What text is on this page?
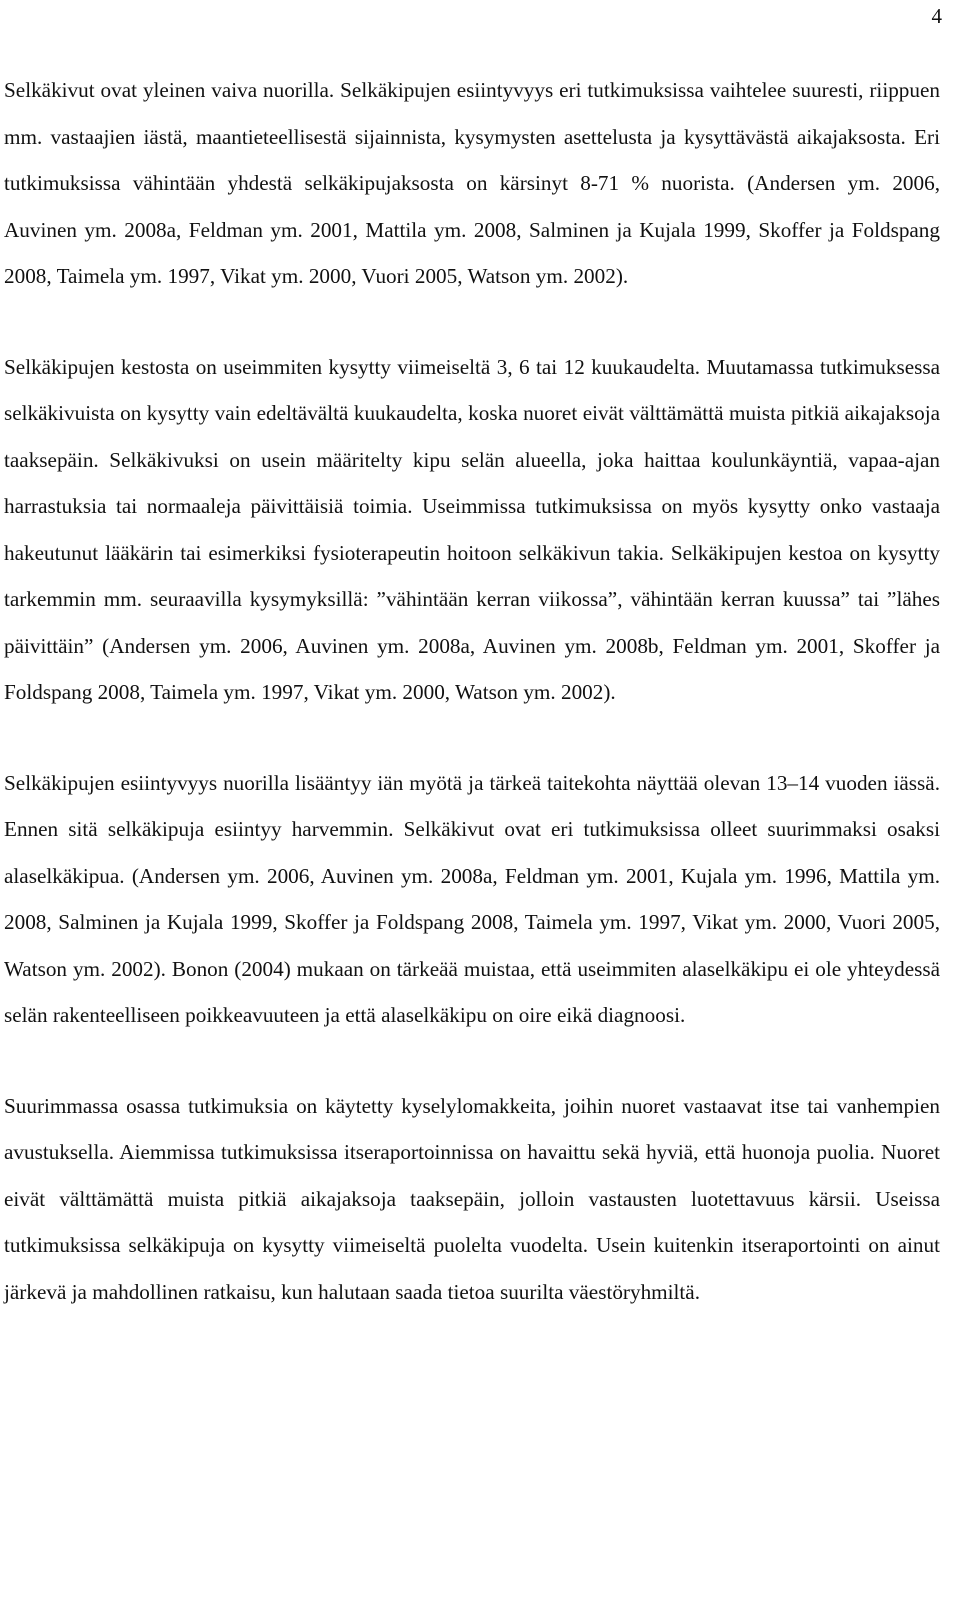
4

Selkäkivut ovat yleinen vaiva nuorilla. Selkäkipujen esiintyvyys eri tutkimuksissa vaihtelee suuresti, riippuen mm. vastaajien iästä, maantieteellisestä sijainnista, kysymysten asettelusta ja kysyttävästä aikajaksosta. Eri tutkimuksissa vähintään yhdestä selkäkipujaksosta on kärsinyt 8-71 % nuorista. (Andersen ym. 2006, Auvinen ym. 2008a, Feldman ym. 2001, Mattila ym. 2008, Salminen ja Kujala 1999, Skoffer ja Foldspang 2008, Taimela ym. 1997, Vikat ym. 2000, Vuori 2005, Watson ym. 2002).

Selkäkipujen kestosta on useimmiten kysytty viimeiseltä 3, 6 tai 12 kuukaudelta. Muutamassa tutkimuksessa selkäkivuista on kysytty vain edeltävältä kuukaudelta, koska nuoret eivät välttämättä muista pitkiä aikajaksoja taaksepäin. Selkäkivuksi on usein määritelty kipu selän alueella, joka haittaa koulunkäyntiä, vapaa-ajan harrastuksia tai normaaleja päivittäisiä toimia. Useimmissa tutkimuksissa on myös kysytty onko vastaaja hakeutunut lääkärin tai esimerkiksi fysioterapeutin hoitoon selkäkivun takia. Selkäkipujen kestoa on kysytty tarkemmin mm. seuraavilla kysymyksillä: ”vähintään kerran viikossa”, vähintään kerran kuussa” tai ”lähes päivittäin” (Andersen ym. 2006, Auvinen ym. 2008a, Auvinen ym. 2008b, Feldman ym. 2001, Skoffer ja Foldspang 2008, Taimela ym. 1997, Vikat ym. 2000, Watson ym. 2002).

Selkäkipujen esiintyvyys nuorilla lisääntyy iän myötä ja tärkeä taitekohta näyttää olevan 13–14 vuoden iässä. Ennen sitä selkäkipuja esiintyy harvemmin. Selkäkivut ovat eri tutkimuksissa olleet suurimmaksi osaksi alaselkäkipua. (Andersen ym. 2006, Auvinen ym. 2008a, Feldman ym. 2001, Kujala ym. 1996, Mattila ym. 2008, Salminen ja Kujala 1999, Skoffer ja Foldspang 2008, Taimela ym. 1997, Vikat ym. 2000, Vuori 2005, Watson ym. 2002). Bonon (2004) mukaan on tärkeää muistaa, että useimmiten alaselkäkipu ei ole yhteydessä selän rakenteelliseen poikkeavuuteen ja että alaselkäkipu on oire eikä diagnoosi.

Suurimmassa osassa tutkimuksia on käytetty kyselylomakkeita, joihin nuoret vastaavat itse tai vanhempien avustuksella. Aiemmissa tutkimuksissa itseraportoinnissa on havaittu sekä hyviä, että huonoja puolia. Nuoret eivät välttämättä muista pitkiä aikajaksoja taaksepäin, jolloin vastausten luotettavuus kärsii. Useissa tutkimuksissa selkäkipuja on kysytty viimeiseltä puolelta vuodelta. Usein kuitenkin itseraportointi on ainut järkevä ja mahdollinen ratkaisu, kun halutaan saada tietoa suurilta väestöryhmiltä.
